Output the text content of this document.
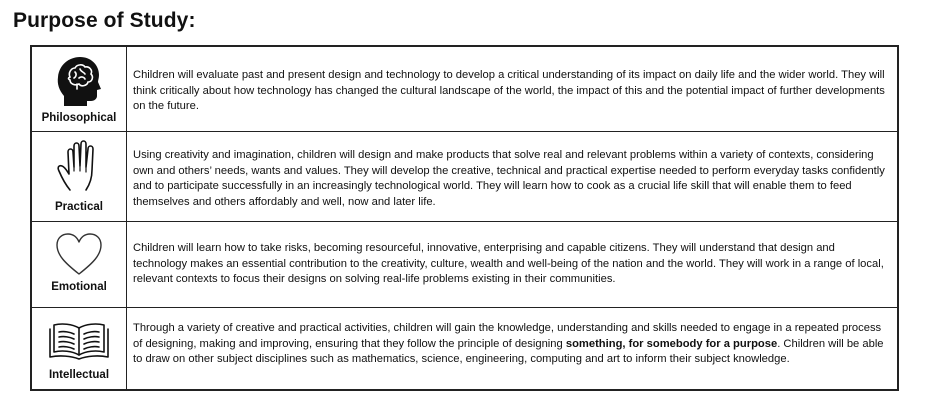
Purpose of Study:
Philosophical

Children will evaluate past and present design and technology to develop a critical understanding of its impact on daily life and the wider world. They will think critically about how technology has changed the cultural landscape of the world, the impact of this and the potential impact of further developments on the future.

Practical

Using creativity and imagination, children will design and make products that solve real and relevant problems within a variety of contexts, considering own and others’ needs, wants and values. They will develop the creative, technical and practical expertise needed to perform everyday tasks confidently and to participate successfully in an increasingly technological world. They will learn how to cook as a crucial life skill that will enable them to feed themselves and others affordably and well, now and later life.

Emotional

Children will learn how to take risks, becoming resourceful, innovative, enterprising and capable citizens. They will understand that design and technology makes an essential contribution to the creativity, culture, wealth and well-being of the nation and the world. They will work in a range of local, relevant contexts to focus their designs on solving real-life problems existing in their communities.

Intellectual

Through a variety of creative and practical activities, children will gain the knowledge, understanding and skills needed to engage in a repeated process of designing, making and improving, ensuring that they follow the principle of designing something, for somebody for a purpose. Children will be able to draw on other subject disciplines such as mathematics, science, engineering, computing and art to inform their subject knowledge.
